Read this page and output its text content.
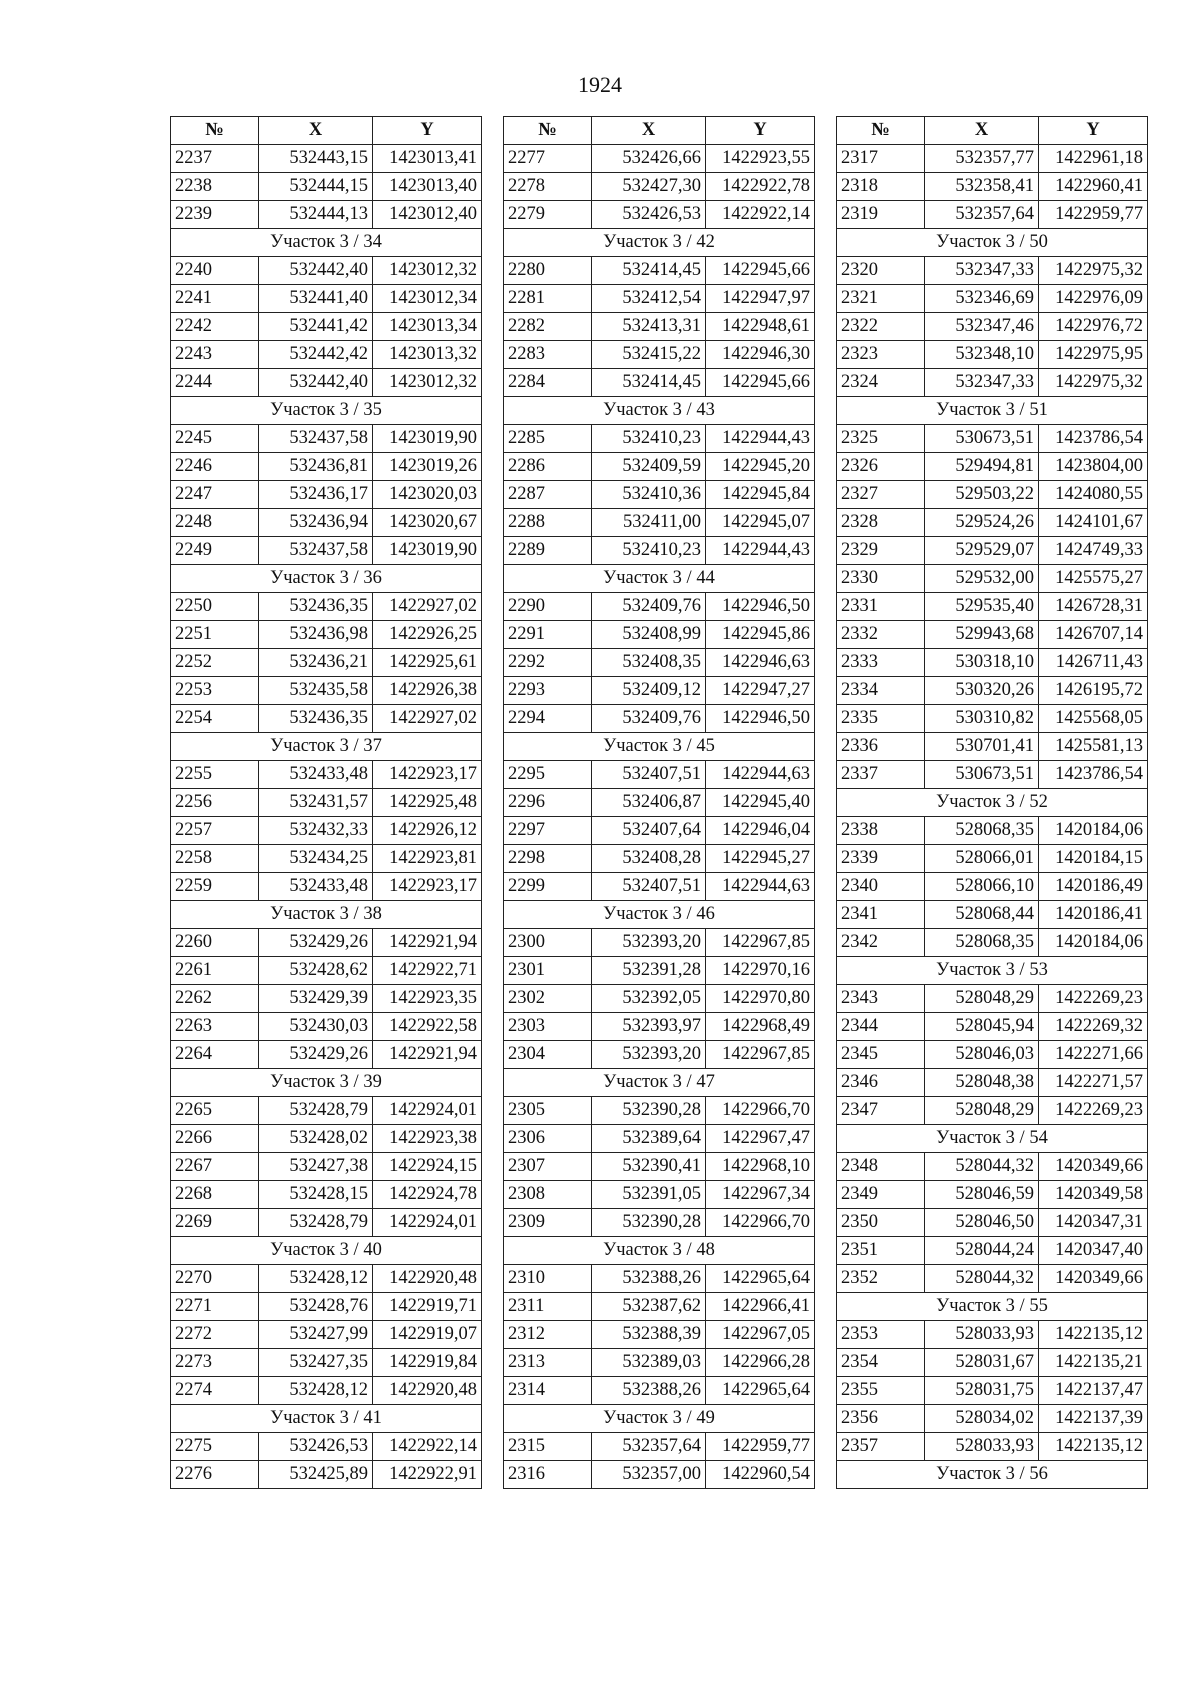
1924
№	X	Y
2237	532443,15	1423013,41
2238	532444,15	1423013,40
2239	532444,13	1423012,40
Участок 3 / 34		
2240	532442,40	1423012,32
2241	532441,40	1423012,34
2242	532441,42	1423013,34
2243	532442,42	1423013,32
2244	532442,40	1423012,32
Участок 3 / 35		
2245	532437,58	1423019,90
2246	532436,81	1423019,26
2247	532436,17	1423020,03
2248	532436,94	1423020,67
2249	532437,58	1423019,90
Участок 3 / 36		
2250	532436,35	1422927,02
2251	532436,98	1422926,25
2252	532436,21	1422925,61
2253	532435,58	1422926,38
2254	532436,35	1422927,02
Участок 3 / 37		
2255	532433,48	1422923,17
2256	532431,57	1422925,48
2257	532432,33	1422926,12
2258	532434,25	1422923,81
2259	532433,48	1422923,17
Участок 3 / 38		
2260	532429,26	1422921,94
2261	532428,62	1422922,71
2262	532429,39	1422923,35
2263	532430,03	1422922,58
2264	532429,26	1422921,94
Участок 3 / 39		
2265	532428,79	1422924,01
2266	532428,02	1422923,38
2267	532427,38	1422924,15
2268	532428,15	1422924,78
2269	532428,79	1422924,01
Участок 3 / 40		
2270	532428,12	1422920,48
2271	532428,76	1422919,71
2272	532427,99	1422919,07
2273	532427,35	1422919,84
2274	532428,12	1422920,48
Участок 3 / 41		
2275	532426,53	1422922,14
2276	532425,89	1422922,91
№	X	Y
2277	532426,66	1422923,55
2278	532427,30	1422922,78
2279	532426,53	1422922,14
Участок 3 / 42		
2280	532414,45	1422945,66
2281	532412,54	1422947,97
2282	532413,31	1422948,61
2283	532415,22	1422946,30
2284	532414,45	1422945,66
Участок 3 / 43		
2285	532410,23	1422944,43
2286	532409,59	1422945,20
2287	532410,36	1422945,84
2288	532411,00	1422945,07
2289	532410,23	1422944,43
Участок 3 / 44		
2290	532409,76	1422946,50
2291	532408,99	1422945,86
2292	532408,35	1422946,63
2293	532409,12	1422947,27
2294	532409,76	1422946,50
Участок 3 / 45		
2295	532407,51	1422944,63
2296	532406,87	1422945,40
2297	532407,64	1422946,04
2298	532408,28	1422945,27
2299	532407,51	1422944,63
Участок 3 / 46		
2300	532393,20	1422967,85
2301	532391,28	1422970,16
2302	532392,05	1422970,80
2303	532393,97	1422968,49
2304	532393,20	1422967,85
Участок 3 / 47		
2305	532390,28	1422966,70
2306	532389,64	1422967,47
2307	532390,41	1422968,10
2308	532391,05	1422967,34
2309	532390,28	1422966,70
Участок 3 / 48		
2310	532388,26	1422965,64
2311	532387,62	1422966,41
2312	532388,39	1422967,05
2313	532389,03	1422966,28
2314	532388,26	1422965,64
Участок 3 / 49		
2315	532357,64	1422959,77
2316	532357,00	1422960,54
№	X	Y
2317	532357,77	1422961,18
2318	532358,41	1422960,41
2319	532357,64	1422959,77
Участок 3 / 50		
2320	532347,33	1422975,32
2321	532346,69	1422976,09
2322	532347,46	1422976,72
2323	532348,10	1422975,95
2324	532347,33	1422975,32
Участок 3 / 51		
2325	530673,51	1423786,54
2326	529494,81	1423804,00
2327	529503,22	1424080,55
2328	529524,26	1424101,67
2329	529529,07	1424749,33
2330	529532,00	1425575,27
2331	529535,40	1426728,31
2332	529943,68	1426707,14
2333	530318,10	1426711,43
2334	530320,26	1426195,72
2335	530310,82	1425568,05
2336	530701,41	1425581,13
2337	530673,51	1423786,54
Участок 3 / 52		
2338	528068,35	1420184,06
2339	528066,01	1420184,15
2340	528066,10	1420186,49
2341	528068,44	1420186,41
2342	528068,35	1420184,06
Участок 3 / 53		
2343	528048,29	1422269,23
2344	528045,94	1422269,32
2345	528046,03	1422271,66
2346	528048,38	1422271,57
2347	528048,29	1422269,23
Участок 3 / 54		
2348	528044,32	1420349,66
2349	528046,59	1420349,58
2350	528046,50	1420347,31
2351	528044,24	1420347,40
2352	528044,32	1420349,66
Участок 3 / 55		
2353	528033,93	1422135,12
2354	528031,67	1422135,21
2355	528031,75	1422137,47
2356	528034,02	1422137,39
2357	528033,93	1422135,12
Участок 3 / 56		
